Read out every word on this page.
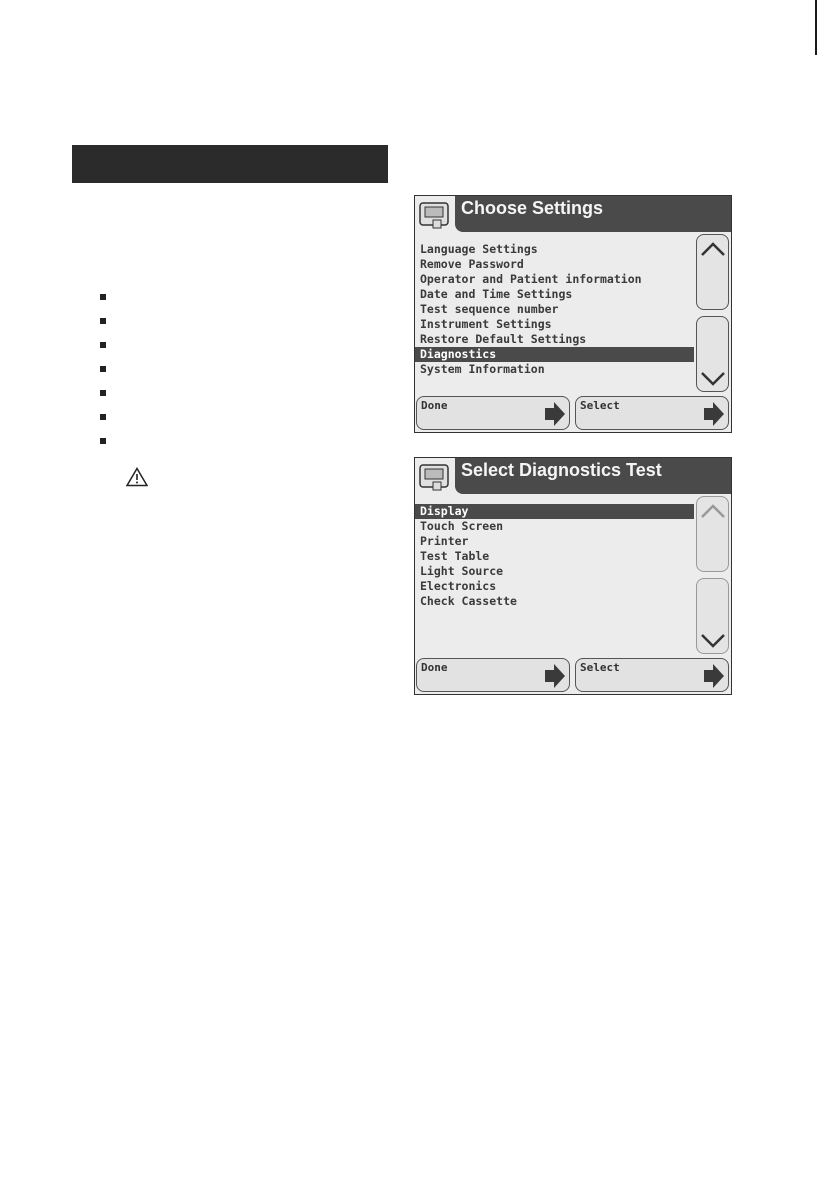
Choose Settings
Language Settings
Remove Password
Operator and Patient information
Date and Time Settings
Test sequence number
Instrument Settings
Restore Default Settings
Diagnostics
System Information
Done	Select
Select Diagnostics Test
Display
Touch Screen
Printer
Test Table
Light Source
Electronics
Check Cassette
Done	Select
